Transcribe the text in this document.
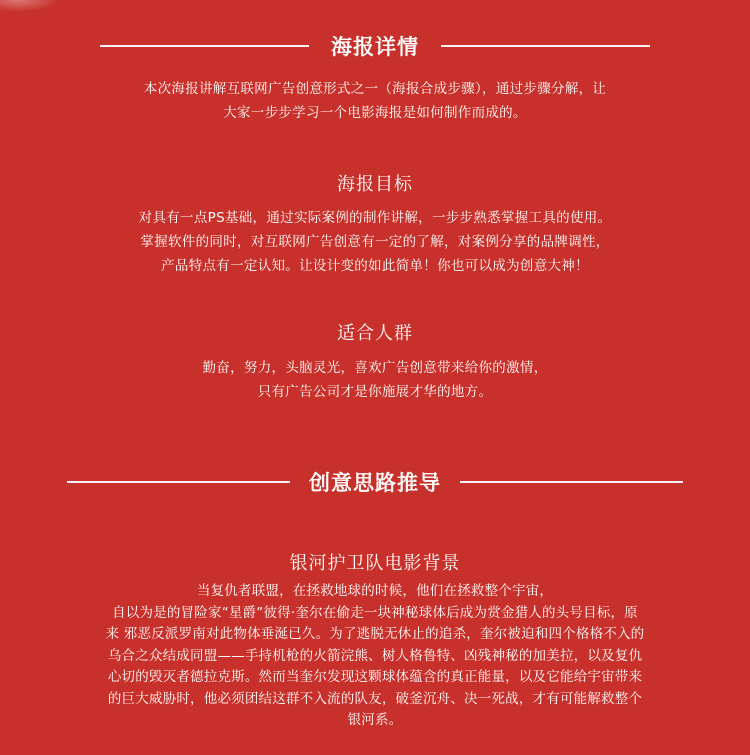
海报详情

本次海报讲解互联网广告创意形式之一（海报合成步骤），通过步骤分解，让

大家一步步学习一个电影海报是如何制作而成的。

海报目标

对具有一点PS基础，通过实际案例的制作讲解，一步步熟悉掌握工具的使用。

掌握软件的同时，对互联网广告创意有一定的了解，对案例分享的品牌调性，

产品特点有一定认知。让设计变的如此简单！你也可以成为创意大神！

适合人群

勤奋，努力，头脑灵光，喜欢广告创意带来给你的激情，

只有广告公司才是你施展才华的地方。

创意思路推导
银河护卫队电影背景

当复仇者联盟，在拯救地球的时候，他们在拯救整个宇宙，

自以为是的冒险家“星爵”彼得·奎尔在偷走一块神秘球体后成为赏金猎人的头号目标，原

来 邪恶反派罗南对此物体垂涎已久。为了逃脱无休止的追杀，奎尔被迫和四个格格不入的

乌合之众结成同盟——手持机枪的火箭浣熊、树人格鲁特、凶残神秘的加美拉，以及复仇

心切的毁灭者德拉克斯。然而当奎尔发现这颗球体蕴含的真正能量，以及它能给宇宙带来

的巨大威胁时，他必须团结这群不入流的队友，破釜沉舟、决一死战，才有可能解救整个

银河系。
